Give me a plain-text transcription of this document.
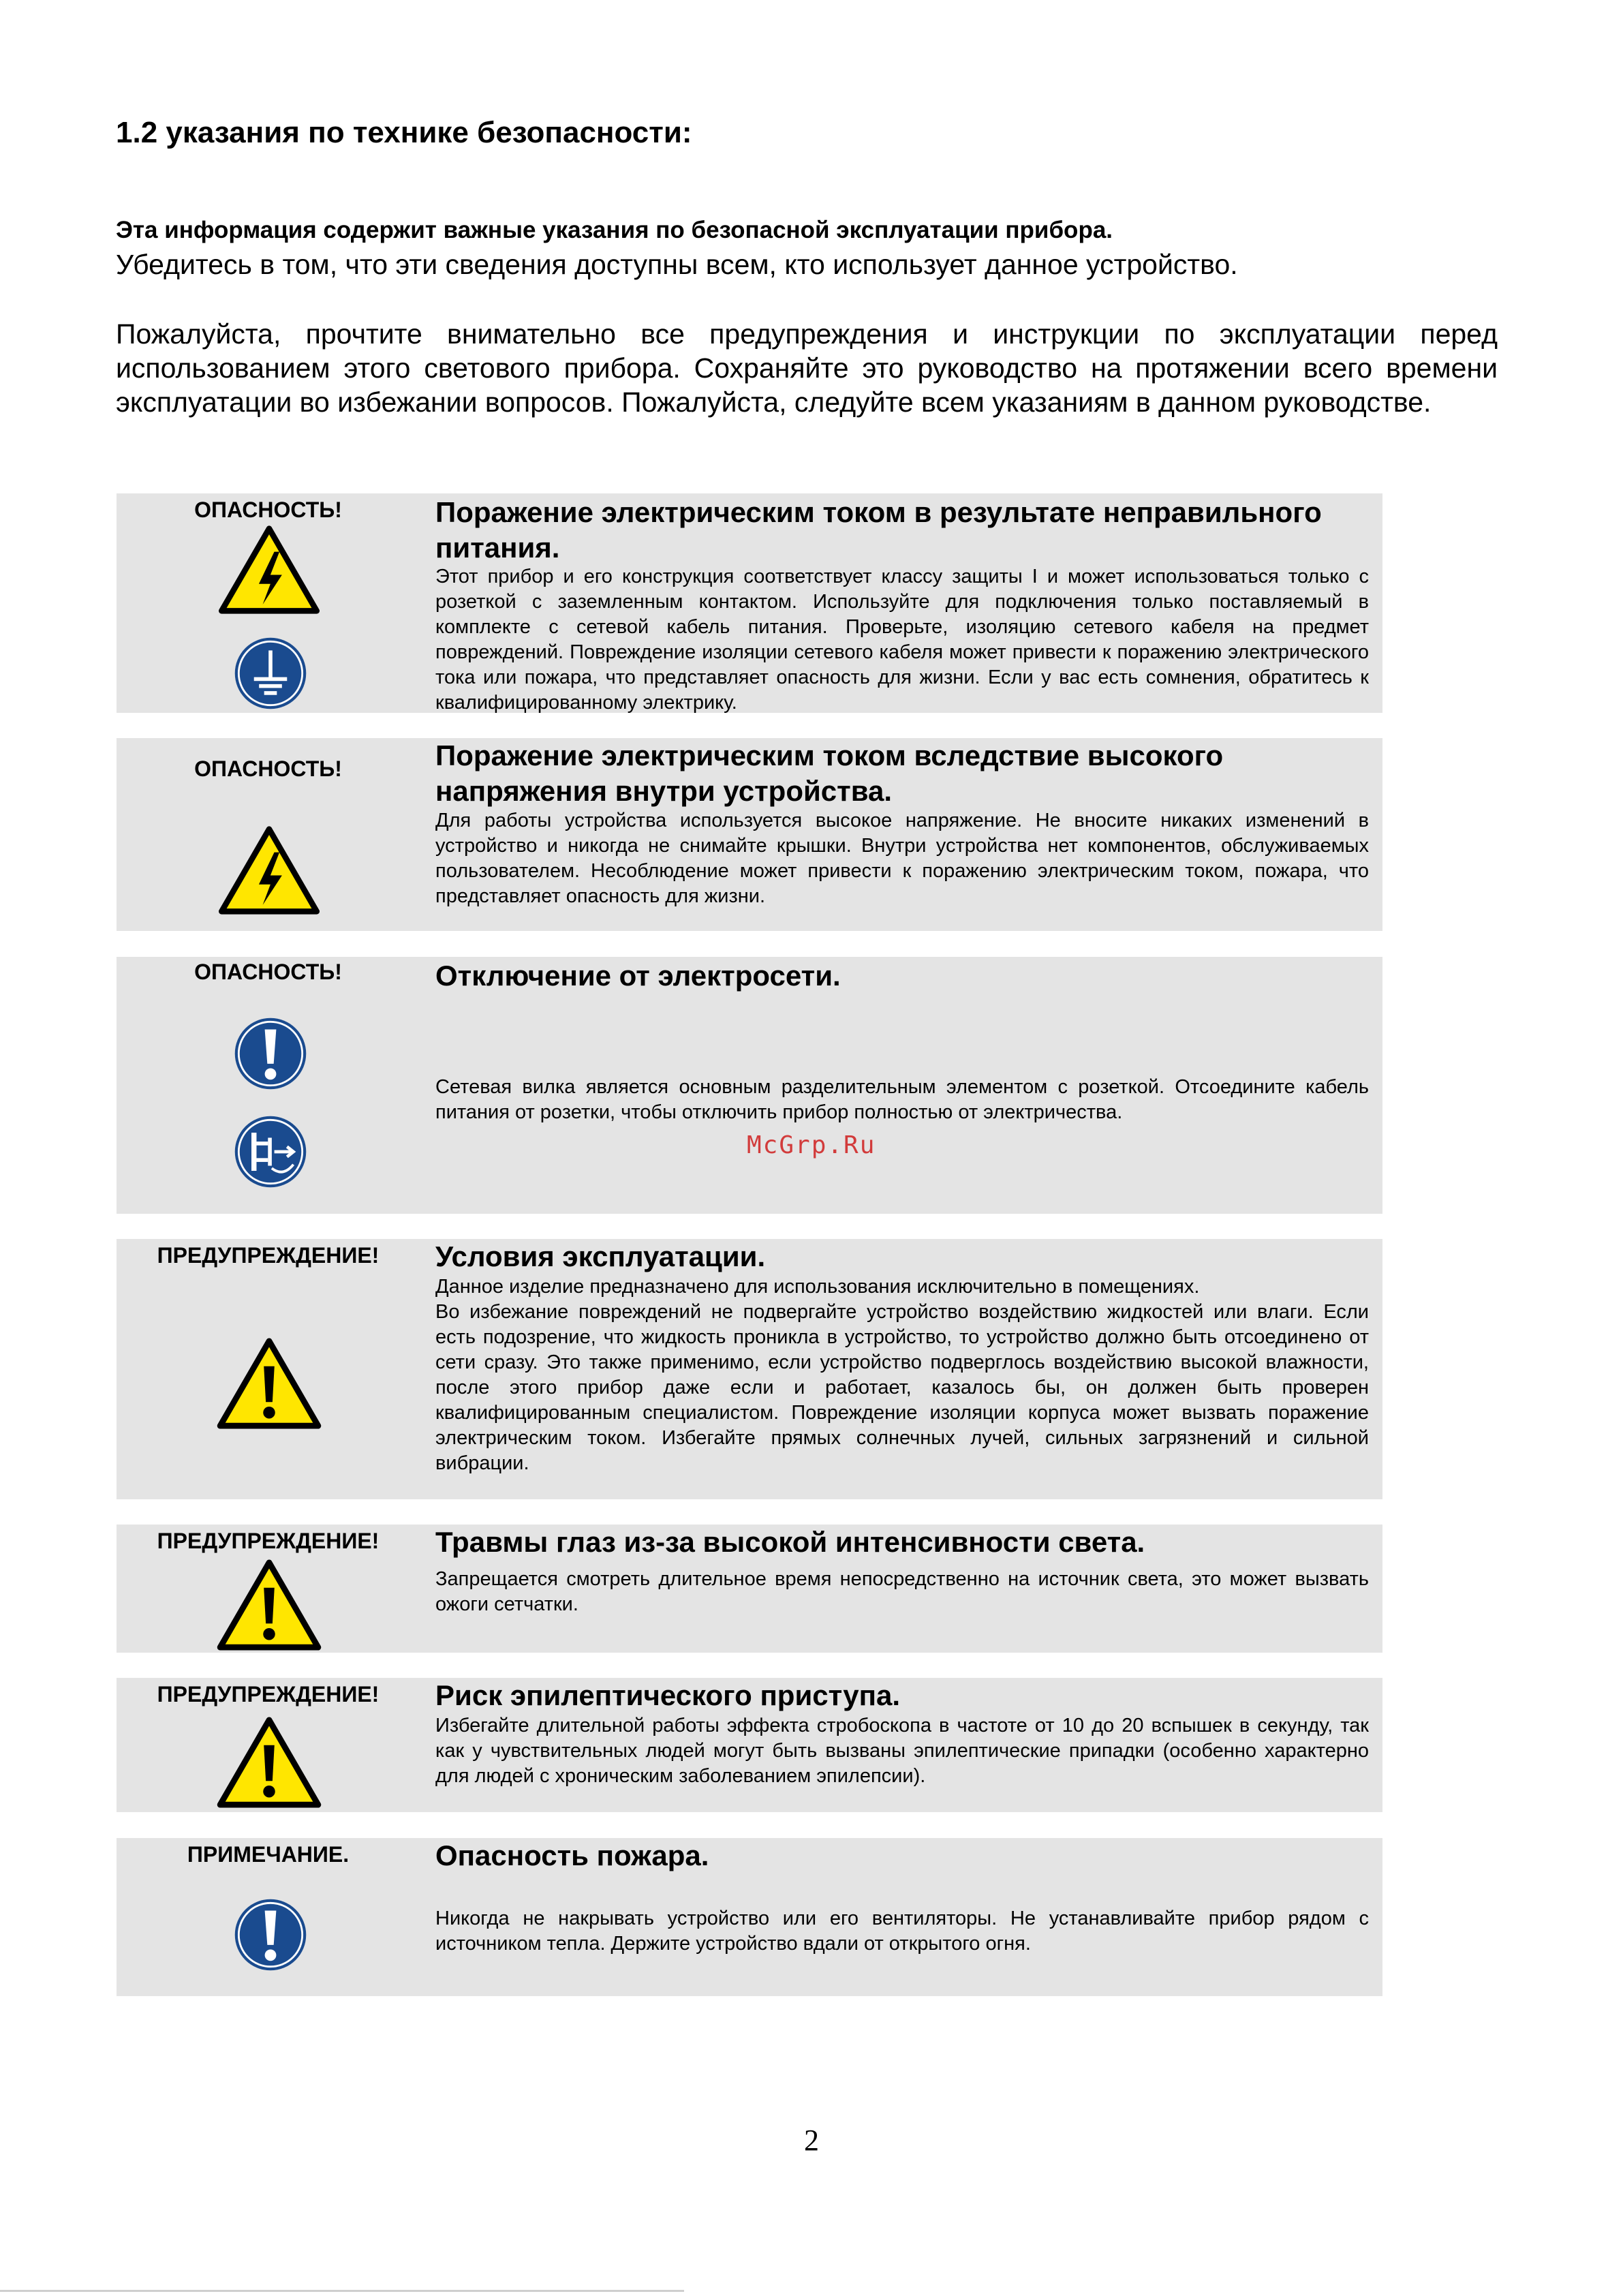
1.2 указания по технике безопасности:

Эта информация содержит важные указания по безопасной эксплуатации прибора.

Убедитесь в том, что эти сведения доступны всем, кто использует данное устройство.

Пожалуйста, прочтите внимательно все предупреждения и инструкции по эксплуатации перед использованием этого светового прибора. Сохраняйте это руководство на протяжении всего времени эксплуатации во избежании вопросов. Пожалуйста, следуйте всем указаниям в данном руководстве.

ОПАСНОСТЬ!	Поражение электрическим током в результате неправильного питания.
Этот прибор и его конструкция соответствует классу защиты I и может использоваться только с розеткой с заземленным контактом. Используйте для подключения только поставляемый в комплекте с сетевой кабель питания. Проверьте, изоляцию сетевого кабеля на предмет повреждений. Повреждение изоляции сетевого кабеля может привести к поражению электрического тока или пожара, что представляет опасность для жизни. Если у вас есть сомнения, обратитесь к квалифицированному электрику.
ОПАСНОСТЬ!	Поражение электрическим током вследствие высокого напряжения внутри устройства.
Для работы устройства используется высокое напряжение. Не вносите никаких изменений в устройство и никогда не снимайте крышки. Внутри устройства нет компонентов, обслуживаемых пользователем. Несоблюдение может привести к поражению электрическим током, пожара, что представляет опасность для жизни.
ОПАСНОСТЬ!	Отключение от электросети.
Сетевая вилка является основным разделительным элементом с розеткой. Отсоедините кабель питания от розетки, чтобы отключить прибор полностью от электричества.
ПРЕДУПРЕЖДЕНИЕ!	Условия эксплуатации.
Данное изделие предназначено для использования исключительно в помещениях.
Во избежание повреждений не подвергайте устройство воздействию жидкостей или влаги. Если есть подозрение, что жидкость проникла в устройство, то устройство должно быть отсоединено от сети сразу. Это также применимо, если устройство подверглось воздействию высокой влажности, после этого прибор даже если и работает, казалось бы, он должен быть проверен квалифицированным специалистом. Повреждение изоляции корпуса может вызвать поражение электрическим током. Избегайте прямых солнечных лучей, сильных загрязнений и сильной вибрации.
ПРЕДУПРЕЖДЕНИЕ!	Травмы глаз из-за высокой интенсивности света.
Запрещается смотреть длительное время непосредственно на источник света, это может вызвать ожоги сетчатки.
ПРЕДУПРЕЖДЕНИЕ!	Риск эпилептического приступа.
Избегайте длительной работы эффекта стробоскопа в частоте от 10 до 20 вспышек в секунду, так как у чувствительных людей могут быть вызваны эпилептические припадки (особенно характерно для людей с хроническим заболеванием эпилепсии).
ПРИМЕЧАНИЕ.	Опасность пожара.
Никогда не накрывать устройство или его вентиляторы. Не устанавливайте прибор рядом с источником тепла. Держите устройство вдали от открытого огня.
McGrp.Ru
2
